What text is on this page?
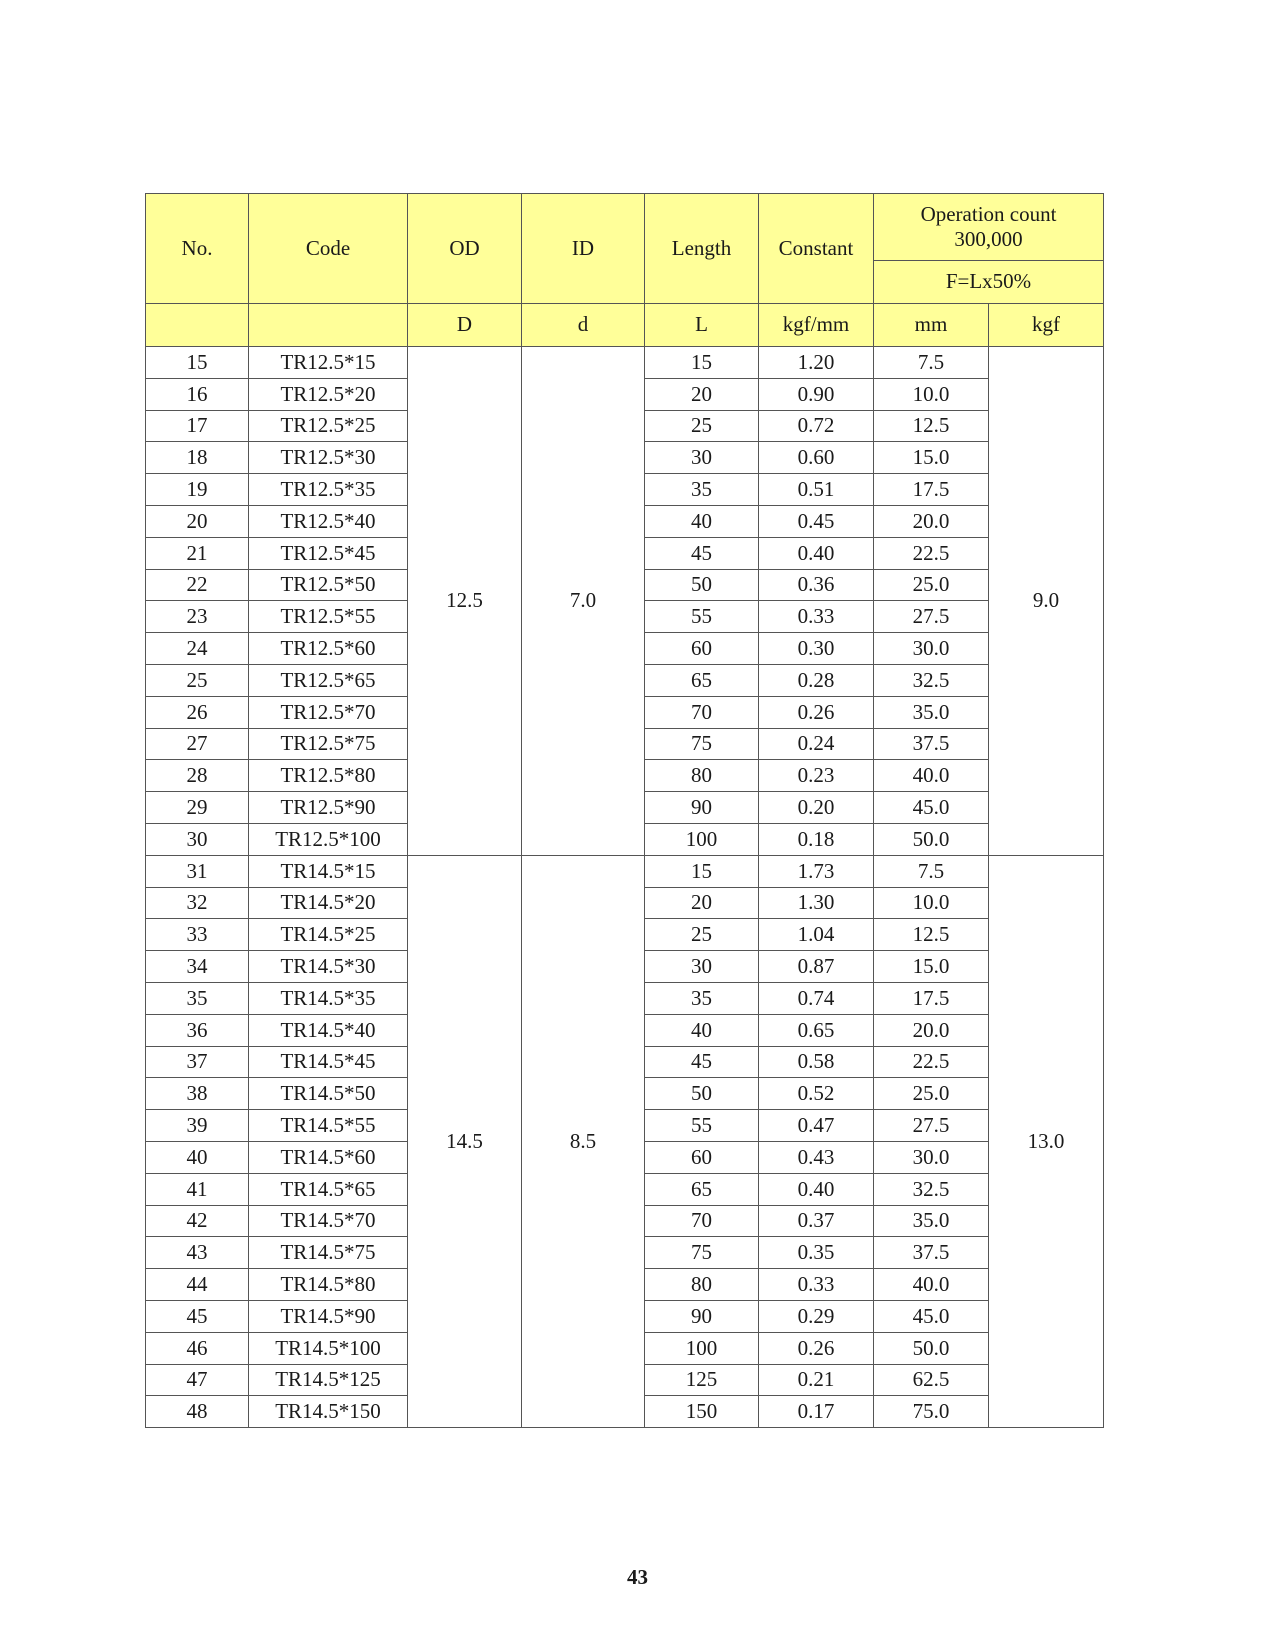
No.	Code	OD	ID	Length	Constant	Operation count 300,000	
						F=Lx50%	
		D	d	L	kgf/mm	mm	kgf
15	TR12.5*15	12.5	7.0	15	1.20	7.5	9.0
16	TR12.5*20			20	0.90	10.0	
17	TR12.5*25			25	0.72	12.5	
18	TR12.5*30			30	0.60	15.0	
19	TR12.5*35			35	0.51	17.5	
20	TR12.5*40			40	0.45	20.0	
21	TR12.5*45			45	0.40	22.5	
22	TR12.5*50			50	0.36	25.0	
23	TR12.5*55			55	0.33	27.5	
24	TR12.5*60			60	0.30	30.0	
25	TR12.5*65			65	0.28	32.5	
26	TR12.5*70			70	0.26	35.0	
27	TR12.5*75			75	0.24	37.5	
28	TR12.5*80			80	0.23	40.0	
29	TR12.5*90			90	0.20	45.0	
30	TR12.5*100			100	0.18	50.0	
31	TR14.5*15	14.5	8.5	15	1.73	7.5	13.0
32	TR14.5*20			20	1.30	10.0	
33	TR14.5*25			25	1.04	12.5	
34	TR14.5*30			30	0.87	15.0	
35	TR14.5*35			35	0.74	17.5	
36	TR14.5*40			40	0.65	20.0	
37	TR14.5*45			45	0.58	22.5	
38	TR14.5*50			50	0.52	25.0	
39	TR14.5*55			55	0.47	27.5	
40	TR14.5*60			60	0.43	30.0	
41	TR14.5*65			65	0.40	32.5	
42	TR14.5*70			70	0.37	35.0	
43	TR14.5*75			75	0.35	37.5	
44	TR14.5*80			80	0.33	40.0	
45	TR14.5*90			90	0.29	45.0	
46	TR14.5*100			100	0.26	50.0	
47	TR14.5*125			125	0.21	62.5	
48	TR14.5*150			150	0.17	75.0	
43
